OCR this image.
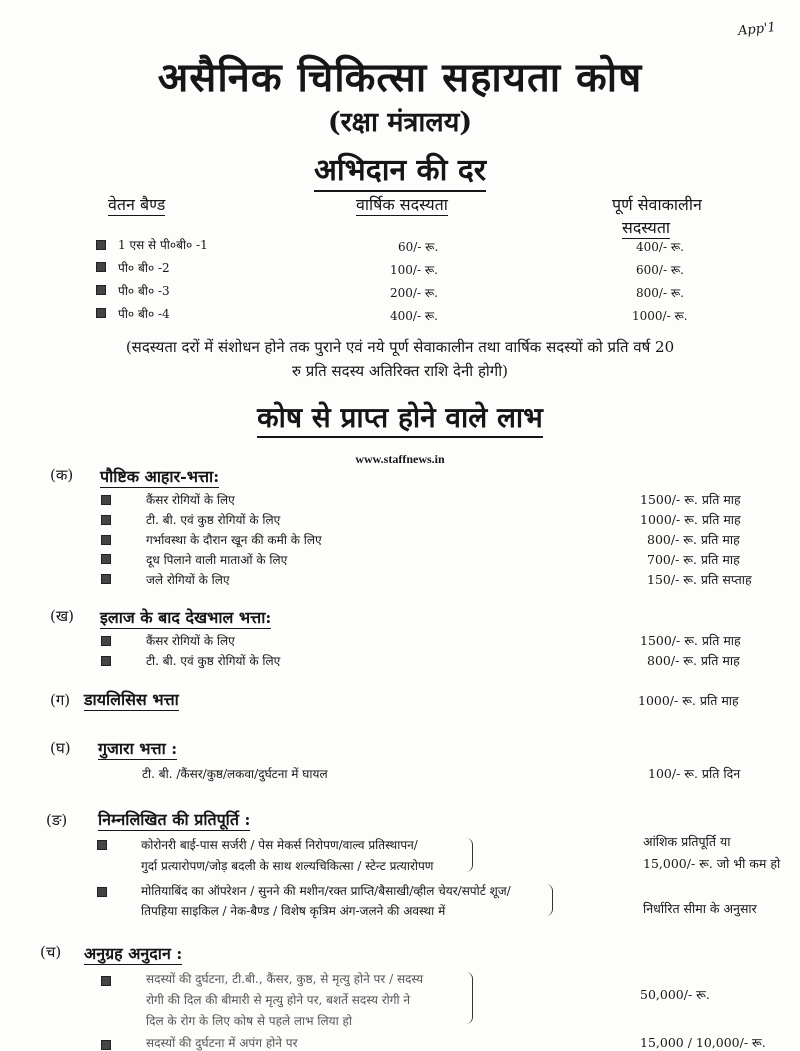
App'1
असैनिक चिकित्सा सहायता कोष
(रक्षा मंत्रालय)
अभिदान की दर
वेतन बैण्ड	वार्षिक सदस्यता	पूर्ण सेवाकालीन
सदस्यता
1 एस से पी०बी० -1	60/- रू.	400/- रू.
पी० बी० -2	100/- रू.	600/- रू.
पी० बी० -3	200/- रू.	800/- रू.
पी० बी० -4	400/- रू.	1000/- रू.
(सदस्यता दरों में संशोधन होने तक पुराने एवं नये पूर्ण सेवाकालीन तथा वार्षिक सदस्यों को प्रति वर्ष 20 रु प्रति सदस्य अतिरिक्त राशि देनी होगी)
कोष से प्राप्त होने वाले लाभ
www.staffnews.in
(क) पौष्टिक आहार-भत्ता:
कैंसर रोगियों के लिए	1500/- रू. प्रति माह
टी. बी. एवं कुष्ठ रोगियों के लिए	1000/- रू. प्रति माह
गर्भावस्था के दौरान खून की कमी के लिए	800/- रू. प्रति माह
दूध पिलाने वाली माताओं के लिए	700/- रू. प्रति माह
जले रोगियों के लिए	150/- रू. प्रति सप्ताह
(ख) इलाज के बाद देखभाल भत्ता:
कैंसर रोगियों के लिए	1500/- रू. प्रति माह
टी. बी. एवं कुष्ठ रोगियों के लिए	800/- रू. प्रति माह
(ग) डायलिसिस भत्ता	1000/- रू. प्रति माह
(घ) गुजारा भत्ता :
टी. बी. /कैंसर/कुष्ठ/लकवा/दुर्घटना में घायल	100/- रू. प्रति दिन
(ङ) निम्नलिखित की प्रतिपूर्ति :
कोरोनरी बाई-पास सर्जरी / पेस मेकर्स निरोपण/वाल्व प्रतिस्थापन/
गुर्दा प्रत्यारोपण/जोड़ बदली के साथ शल्यचिकित्सा / स्टेन्ट प्रत्यारोपण
आंशिक प्रतिपूर्ति या
15,000/- रू. जो भी कम हो
मोतियाबिंद का ऑपरेशन / सुनने की मशीन/रक्त प्राप्ति/बैसाखी/व्हील चेयर/सपोर्ट शूज/
तिपहिया साइकिल / नेक-बैण्ड / विशेष कृत्रिम अंग-जलने की अवस्था में	निर्धारित सीमा के अनुसार
(च) अनुग्रह अनुदान :
सदस्यों की दुर्घटना, टी.बी., कैंसर, कुष्ठ, से मृत्यु होने पर / सदस्य
रोगी की दिल की बीमारी से मृत्यु होने पर, बशर्ते सदस्य रोगी ने
दिल के रोग के लिए कोष से पहले लाभ लिया हो
50,000/- रू.
सदस्यों की दुर्घटना में अपंग होने पर	15,000 / 10,000/- रू.
